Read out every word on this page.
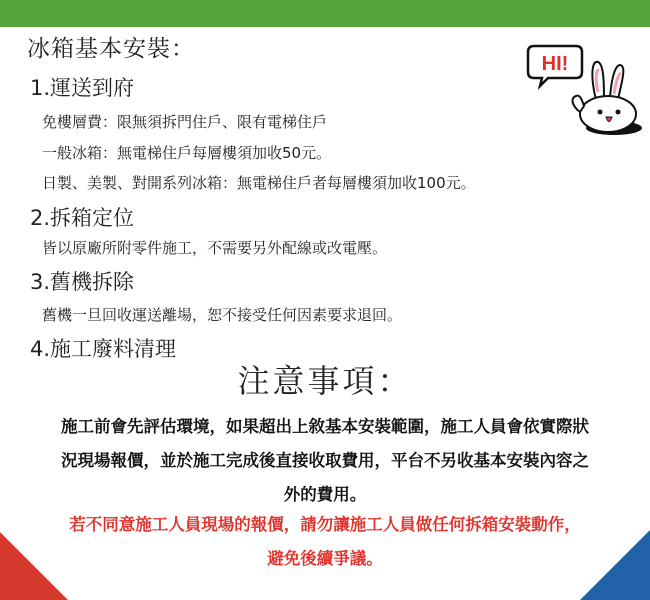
冰箱基本安裝：
1.運送到府
免樓層費：限無須拆門住戶、限有電梯住戶
一般冰箱：無電梯住戶每層樓須加收50元。
日製、美製、對開系列冰箱：無電梯住戶者每層樓須加收100元。
2.拆箱定位
皆以原廠所附零件施工，不需要另外配線或改電壓。
3.舊機拆除
舊機一旦回收運送離場，恕不接受任何因素要求退回。
4.施工廢料清理
注意事項：
施工前會先評估環境，如果超出上敘基本安裝範圍，施工人員會依實際狀
況現場報價，並於施工完成後直接收取費用，平台不另收基本安裝內容之
外的費用。
若不同意施工人員現場的報價，請勿讓施工人員做任何拆箱安裝動作，
避免後續爭議。
HI!
